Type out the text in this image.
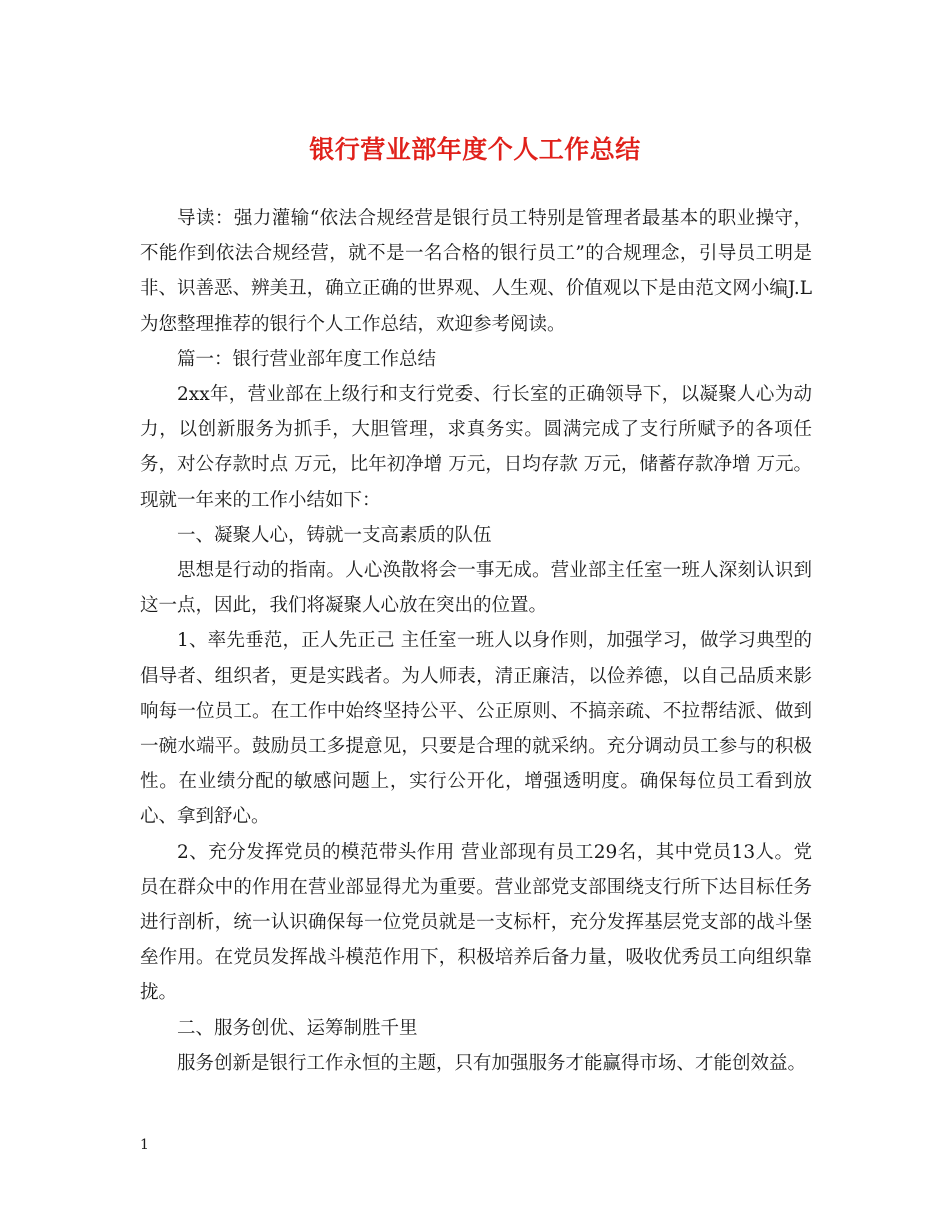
银行营业部年度个人工作总结

导读：强力灌输“依法合规经营是银行员工特别是管理者最基本的职业操守，不能作到依法合规经营，就不是一名合格的银行员工”的合规理念，引导员工明是非、识善恶、辨美丑，确立正确的世界观、人生观、价值观以下是由范文网小编J.L为您整理推荐的银行个人工作总结，欢迎参考阅读。

篇一：银行营业部年度工作总结

2xx年，营业部在上级行和支行党委、行长室的正确领导下，以凝聚人心为动力，以创新服务为抓手，大胆管理，求真务实。圆满完成了支行所赋予的各项任务，对公存款时点 万元，比年初净增 万元，日均存款 万元，储蓄存款净增 万元。现就一年来的工作小结如下：

一、凝聚人心，铸就一支高素质的队伍

思想是行动的指南。人心涣散将会一事无成。营业部主任室一班人深刻认识到这一点，因此，我们将凝聚人心放在突出的位置。

1、率先垂范，正人先正己 主任室一班人以身作则，加强学习，做学习典型的倡导者、组织者，更是实践者。为人师表，清正廉洁，以俭养德，以自己品质来影响每一位员工。在工作中始终坚持公平、公正原则、不搞亲疏、不拉帮结派、做到一碗水端平。鼓励员工多提意见，只要是合理的就采纳。充分调动员工参与的积极性。在业绩分配的敏感问题上，实行公开化，增强透明度。确保每位员工看到放心、拿到舒心。

2、充分发挥党员的模范带头作用 营业部现有员工29名，其中党员13人。党员在群众中的作用在营业部显得尤为重要。营业部党支部围绕支行所下达目标任务进行剖析，统一认识确保每一位党员就是一支标杆，充分发挥基层党支部的战斗堡垒作用。在党员发挥战斗模范作用下，积极培养后备力量，吸收优秀员工向组织靠拢。

二、服务创优、运筹制胜千里

服务创新是银行工作永恒的主题，只有加强服务才能赢得市场、才能创效益。

1
